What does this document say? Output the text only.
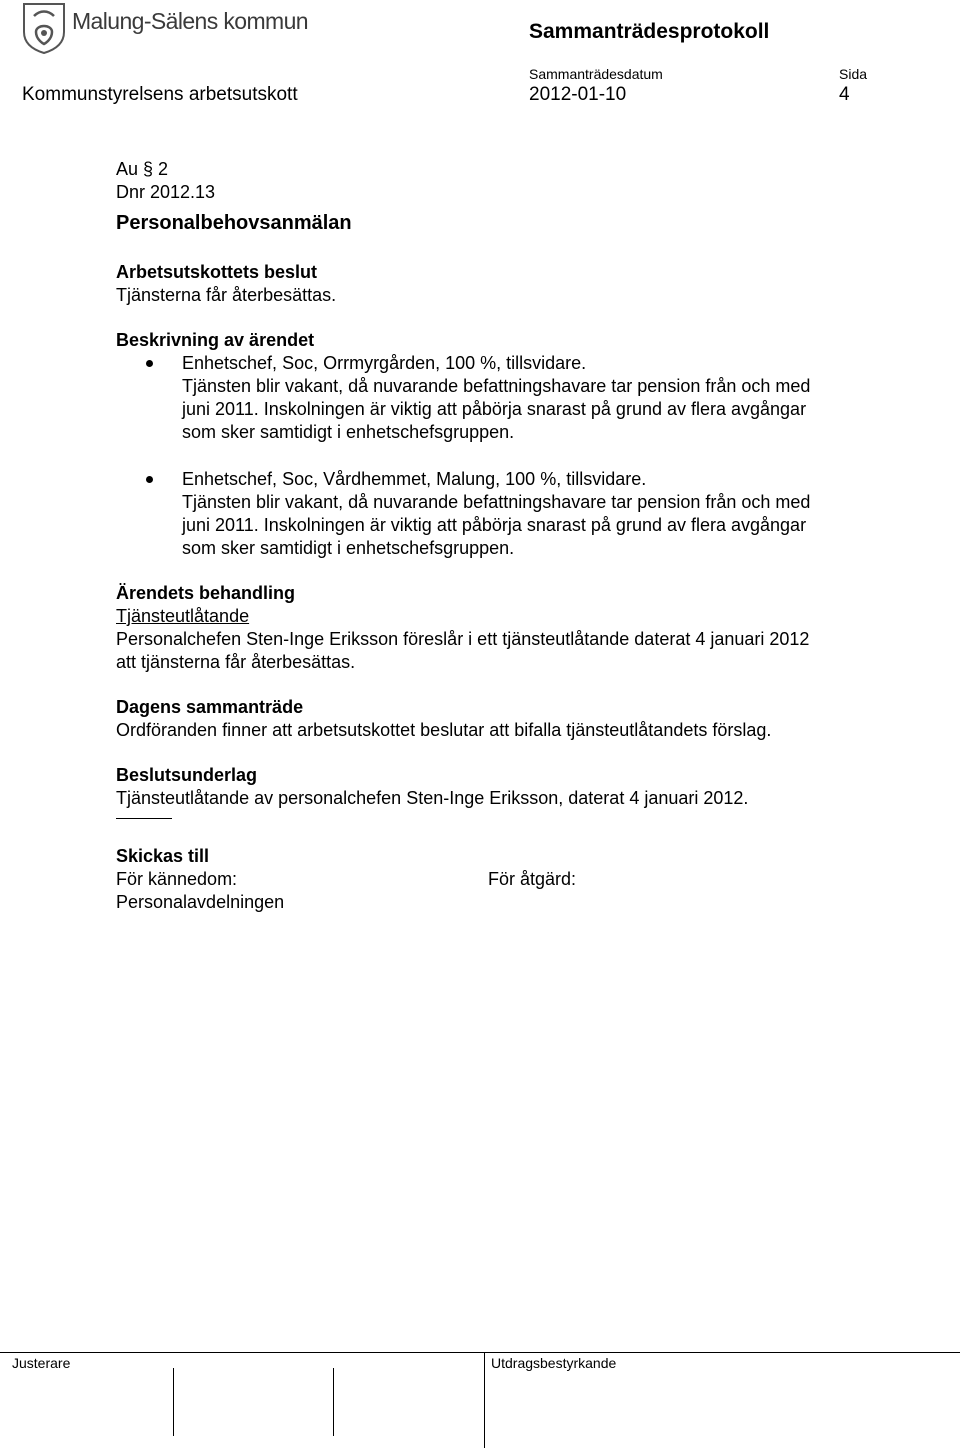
Malung-Sälens kommun	Sammanträdesprotokoll
Sammanträdesdatum	Sida
Kommunstyrelsens arbetsutskott	2012-01-10	4

Au § 2

Dnr 2012.13

Personalbehovsanmälan

Arbetsutskottets beslut

Tjänsterna får återbesättas.

Beskrivning av ärendet

Enhetschef, Soc, Orrmyrgården, 100 %, tillsvidare.
Tjänsten blir vakant, då nuvarande befattningshavare tar pension från och med
juni 2011. Inskolningen är viktig att påbörja snarast på grund av flera avgångar
som sker samtidigt i enhetschefsgruppen.
Enhetschef, Soc, Vårdhemmet, Malung, 100 %, tillsvidare.
Tjänsten blir vakant, då nuvarande befattningshavare tar pension från och med
juni 2011. Inskolningen är viktig att påbörja snarast på grund av flera avgångar
som sker samtidigt i enhetschefsgruppen.

Ärendets behandling

Tjänsteutlåtande

Personalchefen Sten-Inge Eriksson föreslår i ett tjänsteutlåtande daterat 4 januari 2012

att tjänsterna får återbesättas.

Dagens sammanträde

Ordföranden finner att arbetsutskottet beslutar att bifalla tjänsteutlåtandets förslag.

Beslutsunderlag

Tjänsteutlåtande av personalchefen Sten-Inge Eriksson, daterat 4 januari 2012.

Skickas till

För kännedom:	För åtgärd:

Personalavdelningen

Justerare	Utdragsbestyrkande
